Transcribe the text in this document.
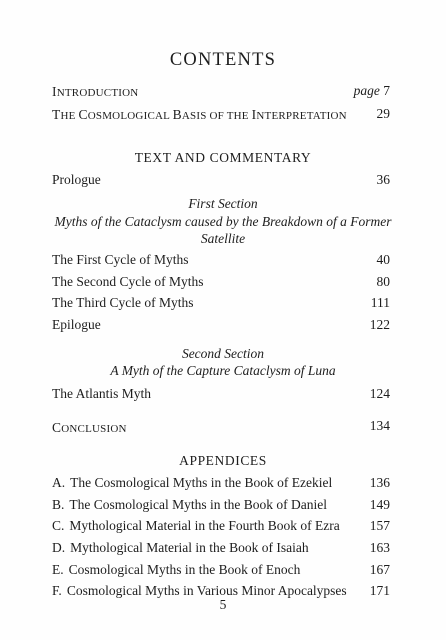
CONTENTS
INTRODUCTION	page 7
THE COSMOLOGICAL BASIS OF THE INTERPRETATION 29
TEXT AND COMMENTARY
Prologue	36
First Section
Myths of the Cataclysm caused by the Breakdown of a Former
Satellite
The First Cycle of Myths	40
The Second Cycle of Myths	80
The Third Cycle of Myths	111
Epilogue	122
Second Section
A Myth of the Capture Cataclysm of Luna
The Atlantis Myth	124
CONCLUSION	134
APPENDICES
A. The Cosmological Myths in the Book of Ezekiel	136
B. The Cosmological Myths in the Book of Daniel	149
C. Mythological Material in the Fourth Book of Ezra 157
D. Mythological Material in the Book of Isaiah	163
E. Cosmological Myths in the Book of Enoch	167
F. Cosmological Myths in Various Minor Apocalypses 171
5
